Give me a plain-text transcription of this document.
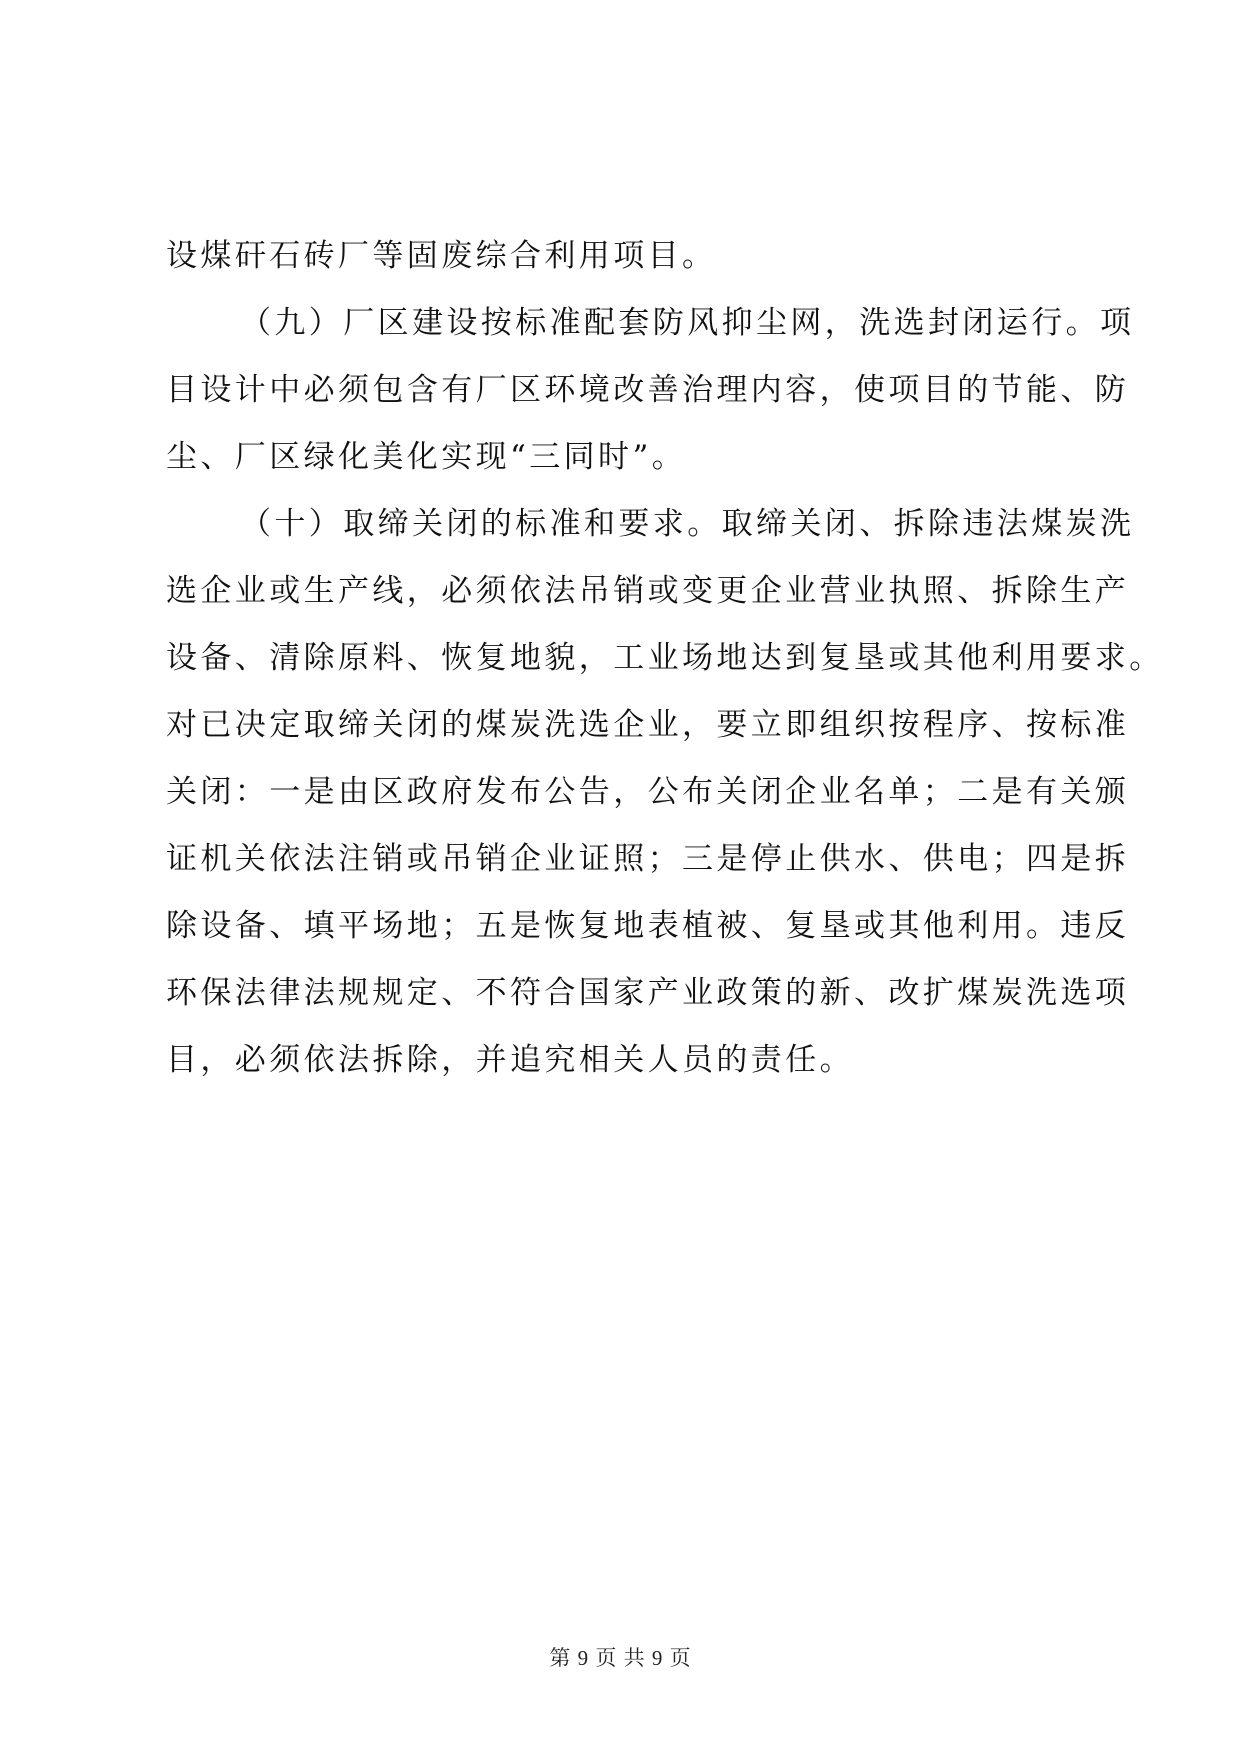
设煤矸石砖厂等固废综合利用项目。
（九）厂区建设按标准配套防风抑尘网，洗选封闭运行。项
目设计中必须包含有厂区环境改善治理内容，使项目的节能、防
尘、厂区绿化美化实现“三同时”。
（十）取缔关闭的标准和要求。取缔关闭、拆除违法煤炭洗
选企业或生产线，必须依法吊销或变更企业营业执照、拆除生产
设备、清除原料、恢复地貌，工业场地达到复垦或其他利用要求。
对已决定取缔关闭的煤炭洗选企业，要立即组织按程序、按标准
关闭：一是由区政府发布公告，公布关闭企业名单；二是有关颁
证机关依法注销或吊销企业证照；三是停止供水、供电；四是拆
除设备、填平场地；五是恢复地表植被、复垦或其他利用。违反
环保法律法规规定、不符合国家产业政策的新、改扩煤炭洗选项
目，必须依法拆除，并追究相关人员的责任。
第 9 页 共 9 页
